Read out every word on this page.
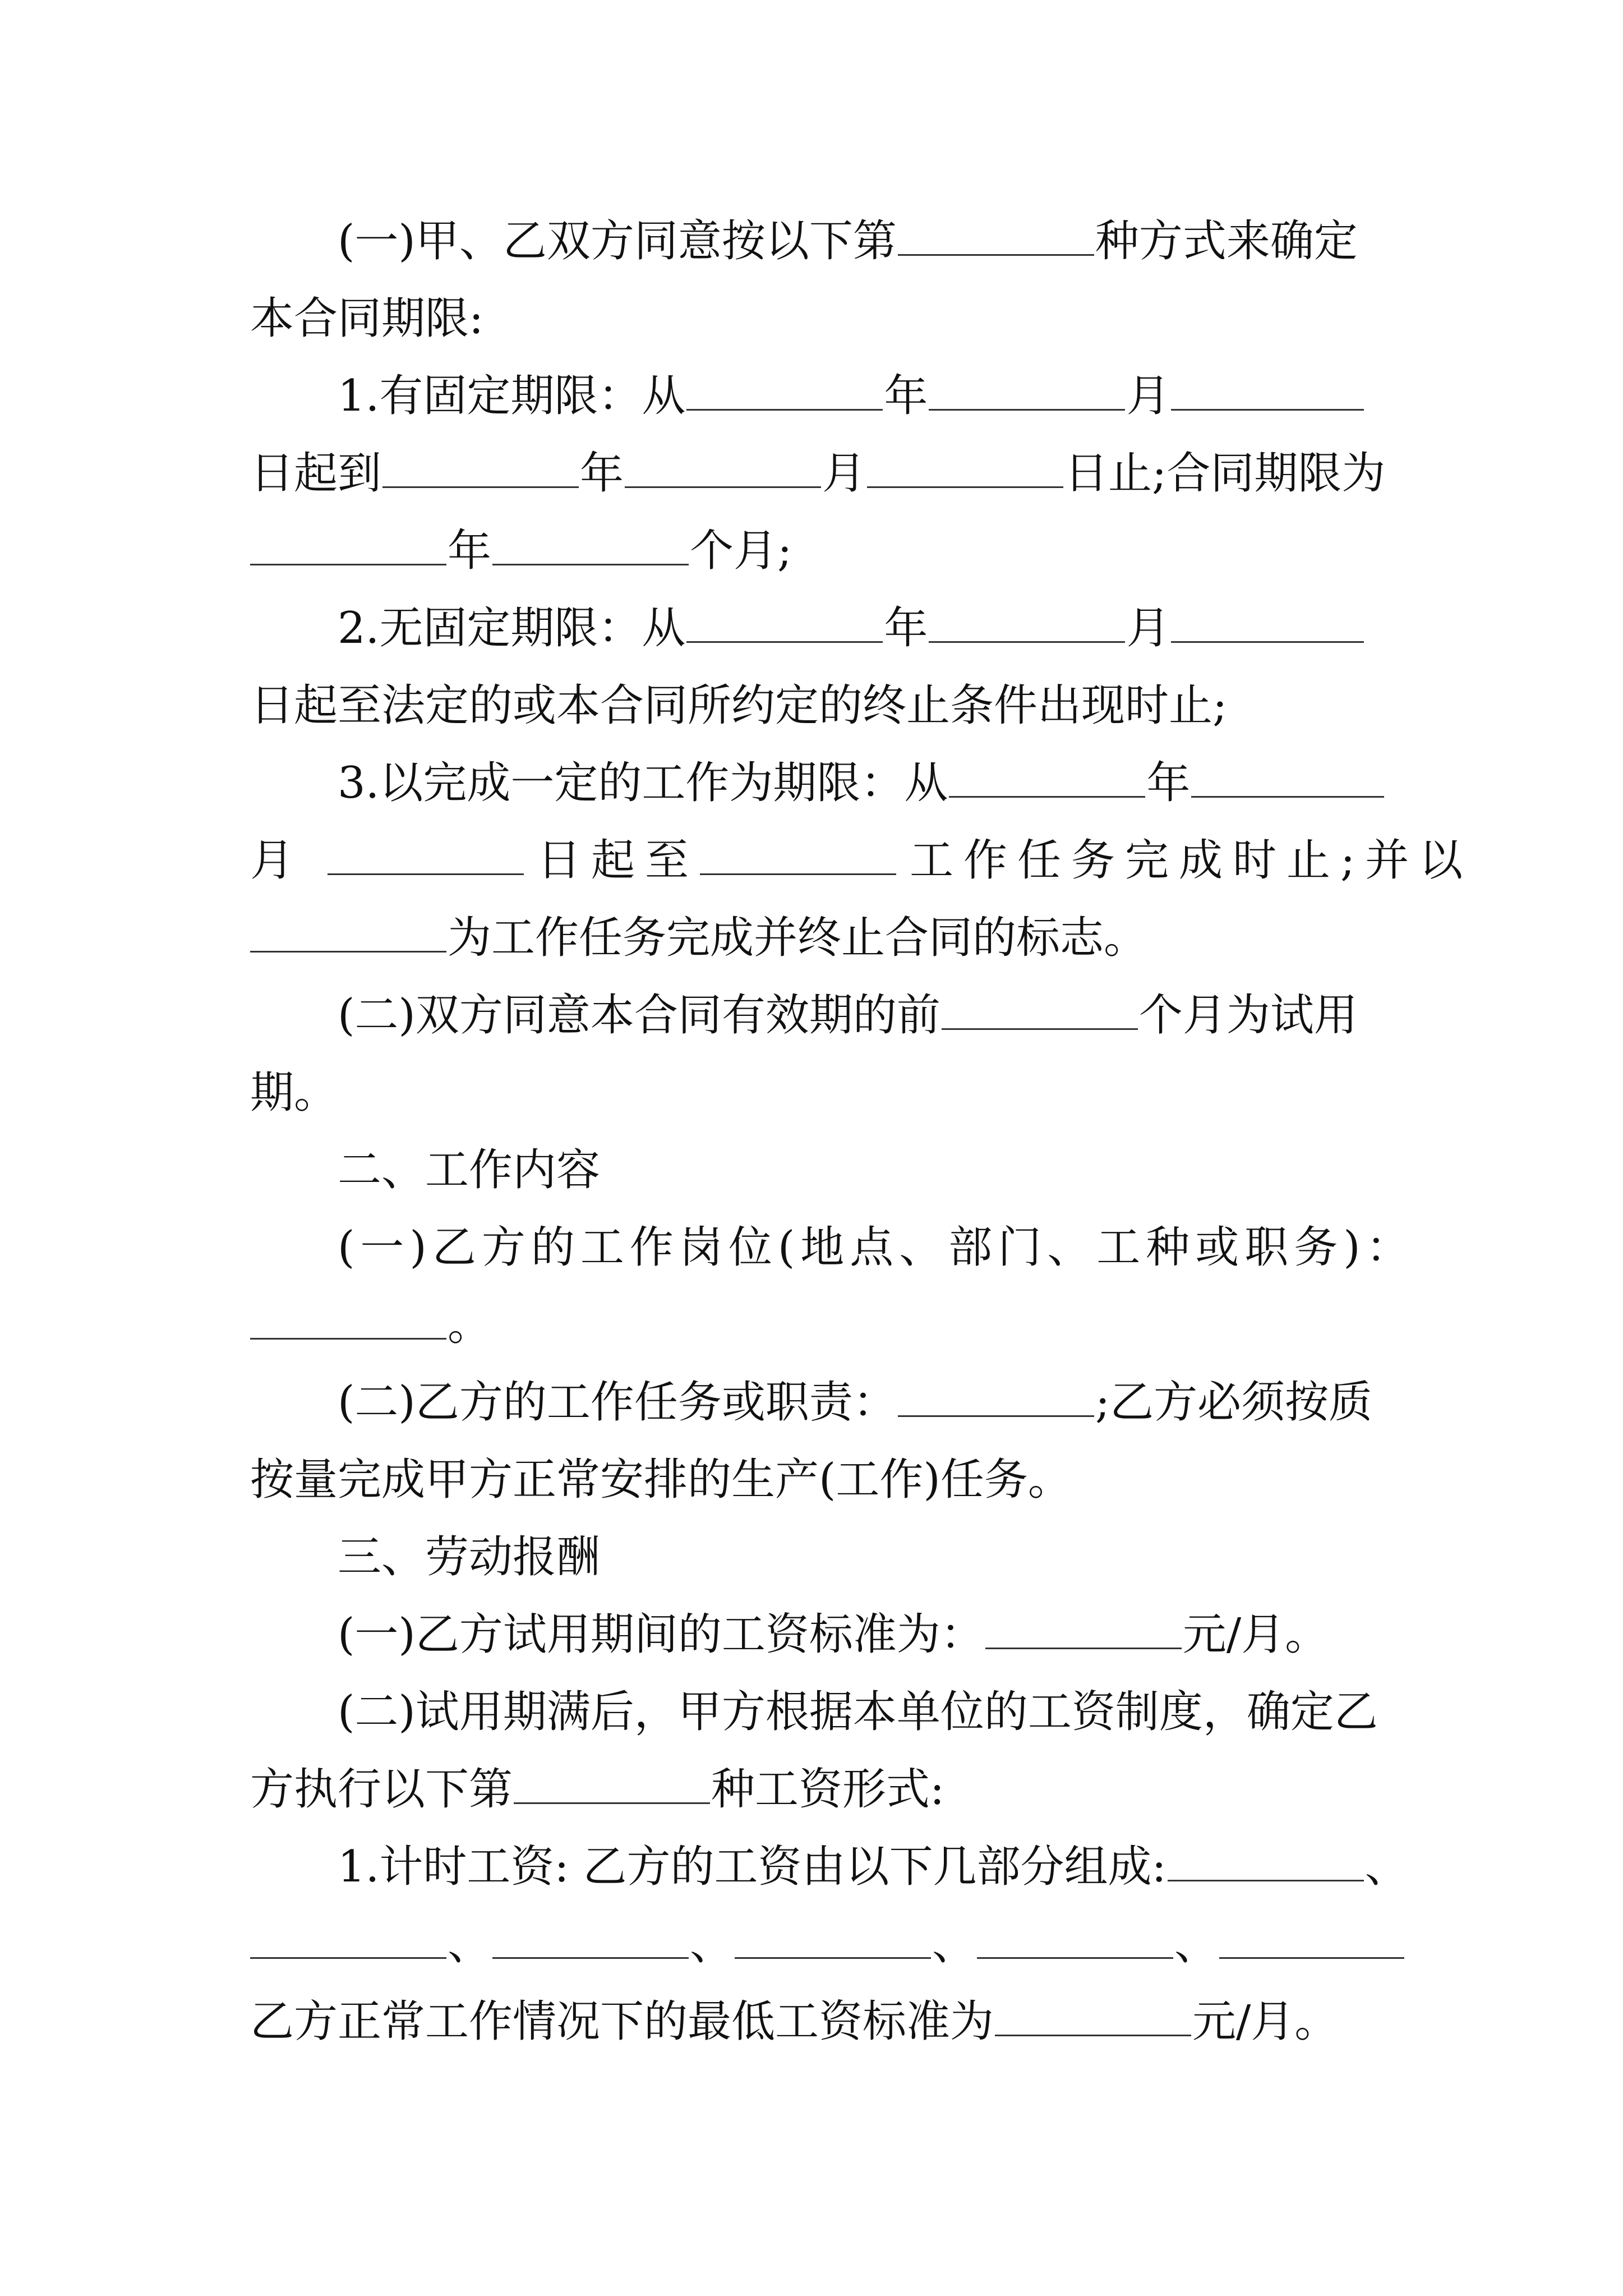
(一)甲、乙双方同意按以下第	种方式来确定
本合同期限:
1.有固定期限：从	年	月
日起到	年	月	日止;合同期限为
年	个月;
2.无固定期限：从	年	月
日起至法定的或本合同所约定的终止条件出现时止;
3.以完成一定的工作为期限：从	年
月	日起至	工作任务完成时止;并以
为工作任务完成并终止合同的标志。
(二)双方同意本合同有效期的前	个月为试用
期。
二、工作内容
(一)乙方的工作岗位(地点、部门、工种或职务)：
。
(二)乙方的工作任务或职责：	;乙方必须按质
按量完成甲方正常安排的生产(工作)任务。
三、劳动报酬
(一)乙方试用期间的工资标准为：	元/月。
(二)试用期满后，甲方根据本单位的工资制度，确定乙
方执行以下第	种工资形式:
1.计时工资: 乙方的工资由以下几部分组成:	、
、	、	、	、
乙方正常工作情况下的最低工资标准为	元/月。
